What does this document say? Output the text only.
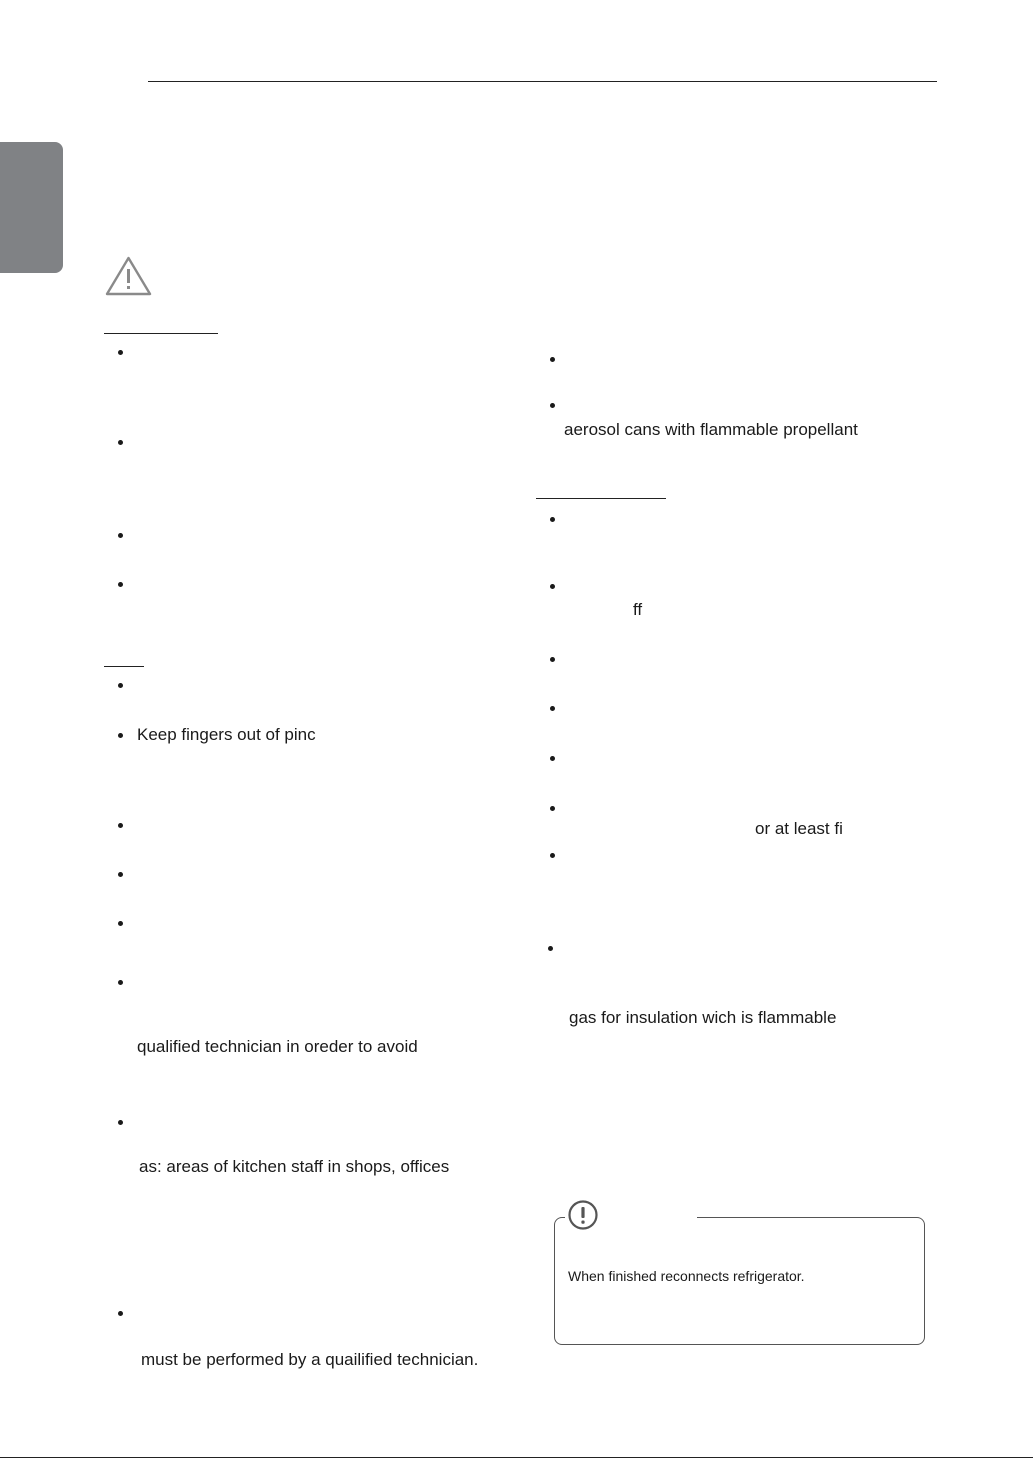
Keep fingers out of pinc
qualified technician in oreder to avoid
as: areas of kitchen staff in shops, offices
must be performed by a quailified technician.
aerosol cans with flammable propellant
ff
or at least fi
gas for insulation wich is flammable
When finished reconnects refrigerator.
